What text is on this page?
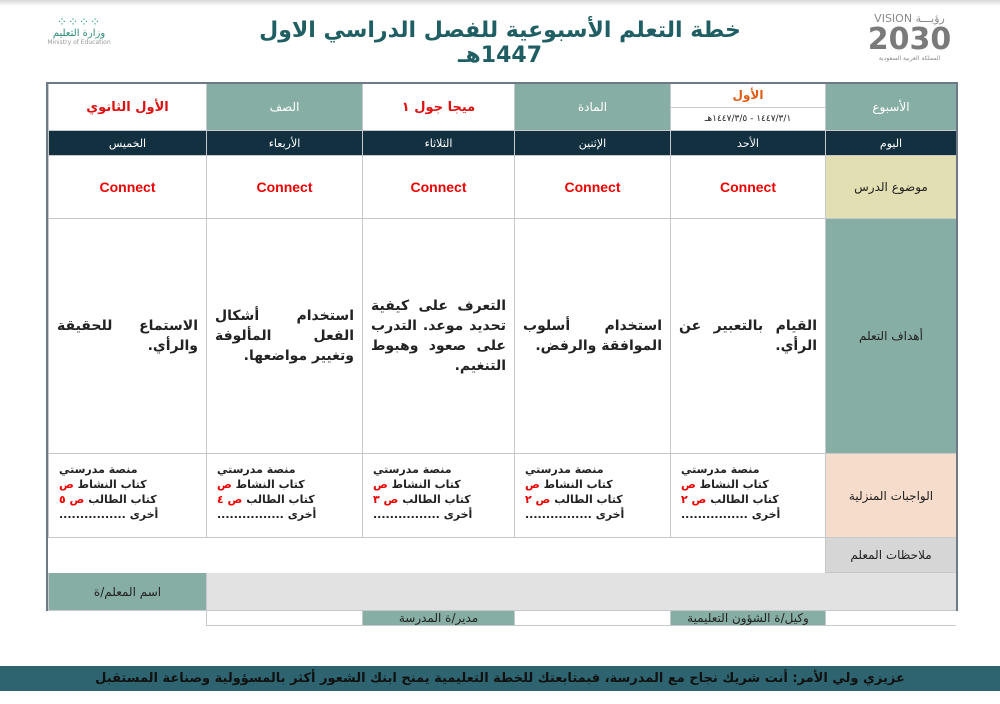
⁘⁘⁘⁘
وزارة التعليم
Ministry of Education	خطة التعلم الأسبوعية للفصل الدراسي الاول 1447هـ
VISION رؤيـــة
2030
المملكة العربية السعودية
الأسبوع
الأول
١٤٤٧/٣/١ - ١٤٤٧/٣/٥هـ
المادة
ميجا جول ١
الصف
الأول الثانوي
اليوم
الأحد
الإثنين
الثلاثاء
الأربعاء
الخميس
موضوع الدرس
Connect
Connect
Connect
Connect
Connect
أهداف التعلم
القيام بالتعبير عن الرأي.
استخدام أسلوب الموافقة والرفض.
التعرف على كيفية تحديد موعد. التدرب على صعود وهبوط التنغيم.
استخدام أشكال الفعل المألوفة وتغيير مواضعها.
الاستماع للحقيقة والرأي.
الواجبات المنزلية
منصة مدرستي
كتاب النشاط ص
كتاب الطالب ص ٢
أخرى ................
منصة مدرستي
كتاب النشاط ص
كتاب الطالب ص ٢
أخرى ................
منصة مدرستي
كتاب النشاط ص
كتاب الطالب ص ٣
أخرى ................
منصة مدرستي
كتاب النشاط ص
كتاب الطالب ص ٤
أخرى ................
منصة مدرستي
كتاب النشاط ص
كتاب الطالب ص ٥
أخرى ................
ملاحظات المعلم
اسم المعلم/ة
وكيل/ة الشؤون التعليمية
مدير/ة المدرسة
عزيزي ولي الأمر: أنت شريك نجاح مع المدرسة، فبمتابعتك للخطة التعليمية يمنح ابنك الشعور أكثر بالمسؤولية وصناعة المستقبل
